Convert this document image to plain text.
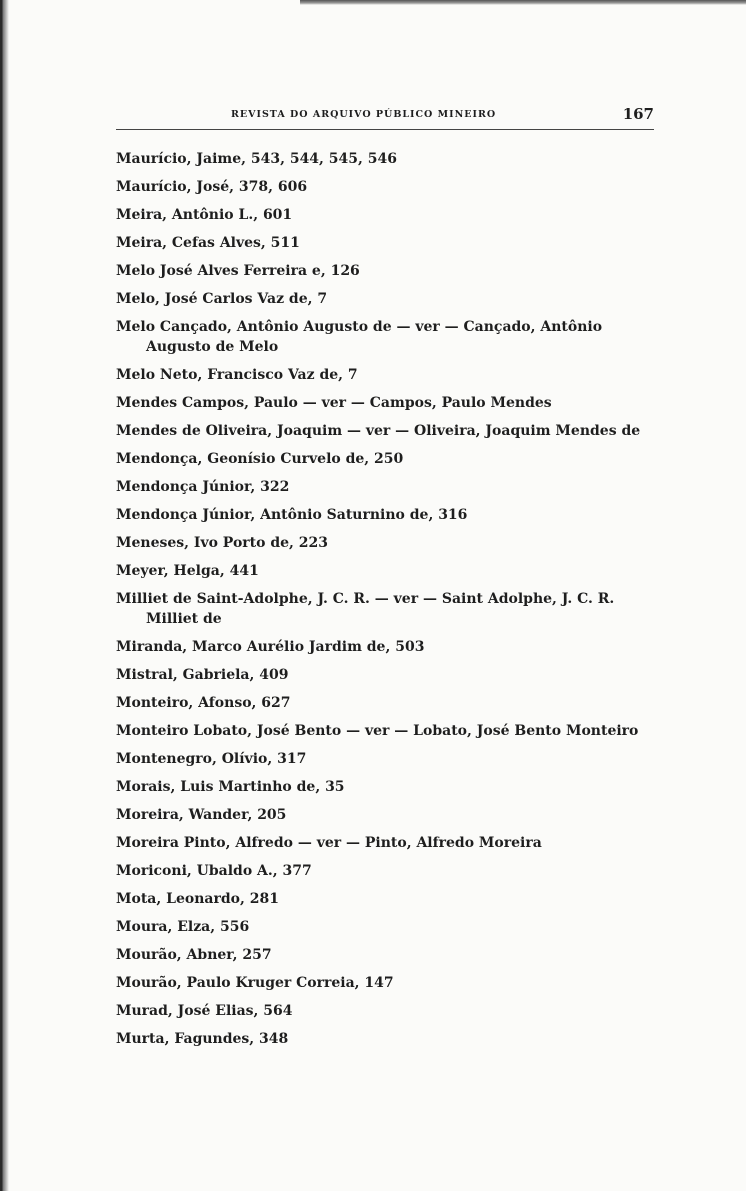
REVISTA DO ARQUIVO PÚBLICO MINEIRO	167
Maurício, Jaime, 543, 544, 545, 546
Maurício, José, 378, 606
Meira, Antônio L., 601
Meira, Cefas Alves, 511
Melo José Alves Ferreira e, 126
Melo, José Carlos Vaz de, 7
Melo Cançado, Antônio Augusto de — ver — Cançado, Antônio Augusto de Melo
Melo Neto, Francisco Vaz de, 7
Mendes Campos, Paulo — ver — Campos, Paulo Mendes
Mendes de Oliveira, Joaquim — ver — Oliveira, Joaquim Mendes de
Mendonça, Geonísio Curvelo de, 250
Mendonça Júnior, 322
Mendonça Júnior, Antônio Saturnino de, 316
Meneses, Ivo Porto de, 223
Meyer, Helga, 441
Milliet de Saint-Adolphe, J. C. R. — ver — Saint Adolphe, J. C. R. Milliet de
Miranda, Marco Aurélio Jardim de, 503
Mistral, Gabriela, 409
Monteiro, Afonso, 627
Monteiro Lobato, José Bento — ver — Lobato, José Bento Monteiro
Montenegro, Olívio, 317
Morais, Luis Martinho de, 35
Moreira, Wander, 205
Moreira Pinto, Alfredo — ver — Pinto, Alfredo Moreira
Moriconi, Ubaldo A., 377
Mota, Leonardo, 281
Moura, Elza, 556
Mourão, Abner, 257
Mourão, Paulo Kruger Correia, 147
Murad, José Elias, 564
Murta, Fagundes, 348
